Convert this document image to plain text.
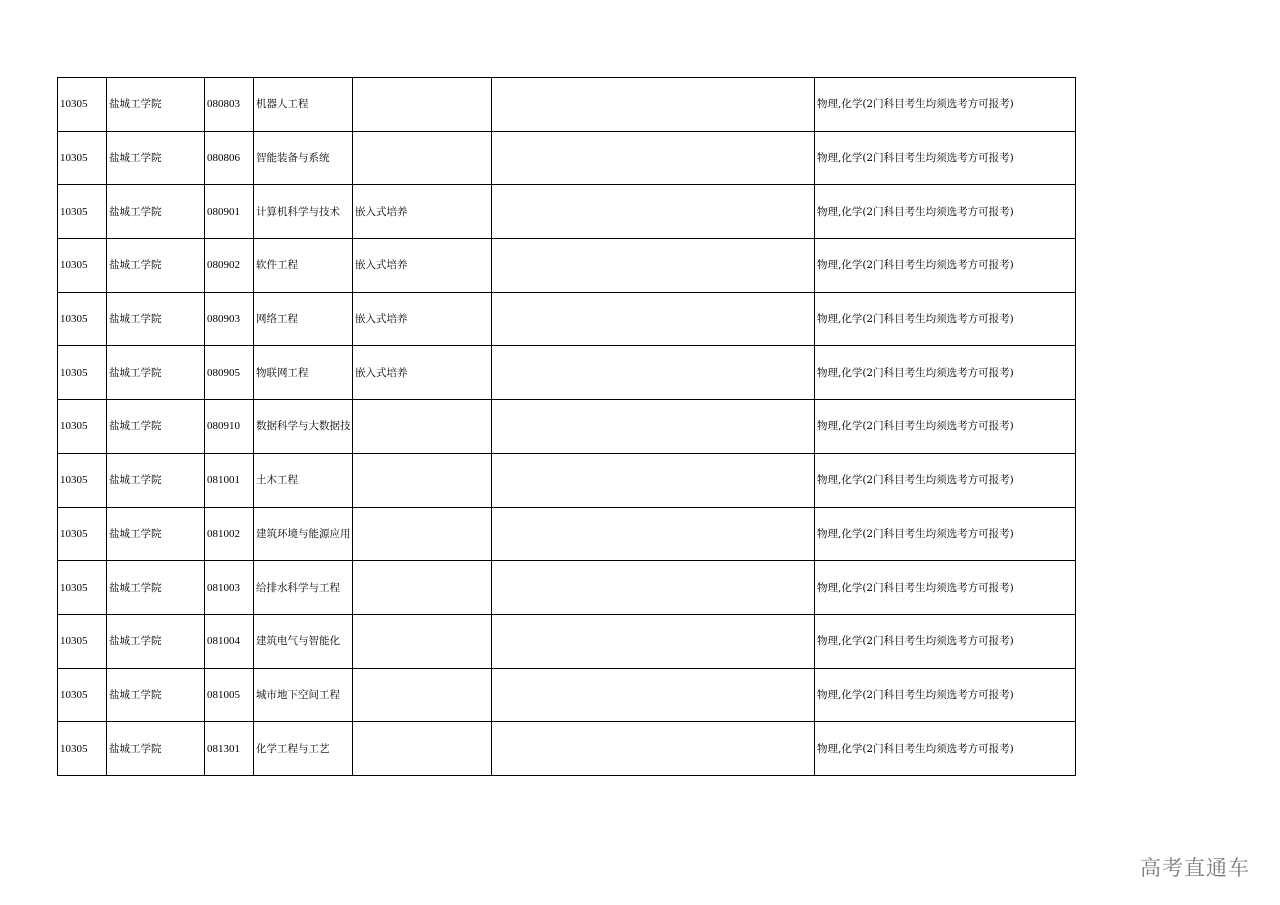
10305	盐城工学院	080803	机器人工程			物理,化学(2门科目考生均须选考方可报考)
10305	盐城工学院	080806	智能装备与系统			物理,化学(2门科目考生均须选考方可报考)
10305	盐城工学院	080901	计算机科学与技术	嵌入式培养		物理,化学(2门科目考生均须选考方可报考)
10305	盐城工学院	080902	软件工程	嵌入式培养		物理,化学(2门科目考生均须选考方可报考)
10305	盐城工学院	080903	网络工程	嵌入式培养		物理,化学(2门科目考生均须选考方可报考)
10305	盐城工学院	080905	物联网工程	嵌入式培养		物理,化学(2门科目考生均须选考方可报考)
10305	盐城工学院	080910	数据科学与大数据技			物理,化学(2门科目考生均须选考方可报考)
10305	盐城工学院	081001	土木工程			物理,化学(2门科目考生均须选考方可报考)
10305	盐城工学院	081002	建筑环境与能源应用			物理,化学(2门科目考生均须选考方可报考)
10305	盐城工学院	081003	给排水科学与工程			物理,化学(2门科目考生均须选考方可报考)
10305	盐城工学院	081004	建筑电气与智能化			物理,化学(2门科目考生均须选考方可报考)
10305	盐城工学院	081005	城市地下空间工程			物理,化学(2门科目考生均须选考方可报考)
10305	盐城工学院	081301	化学工程与工艺			物理,化学(2门科目考生均须选考方可报考)
高考直通车
